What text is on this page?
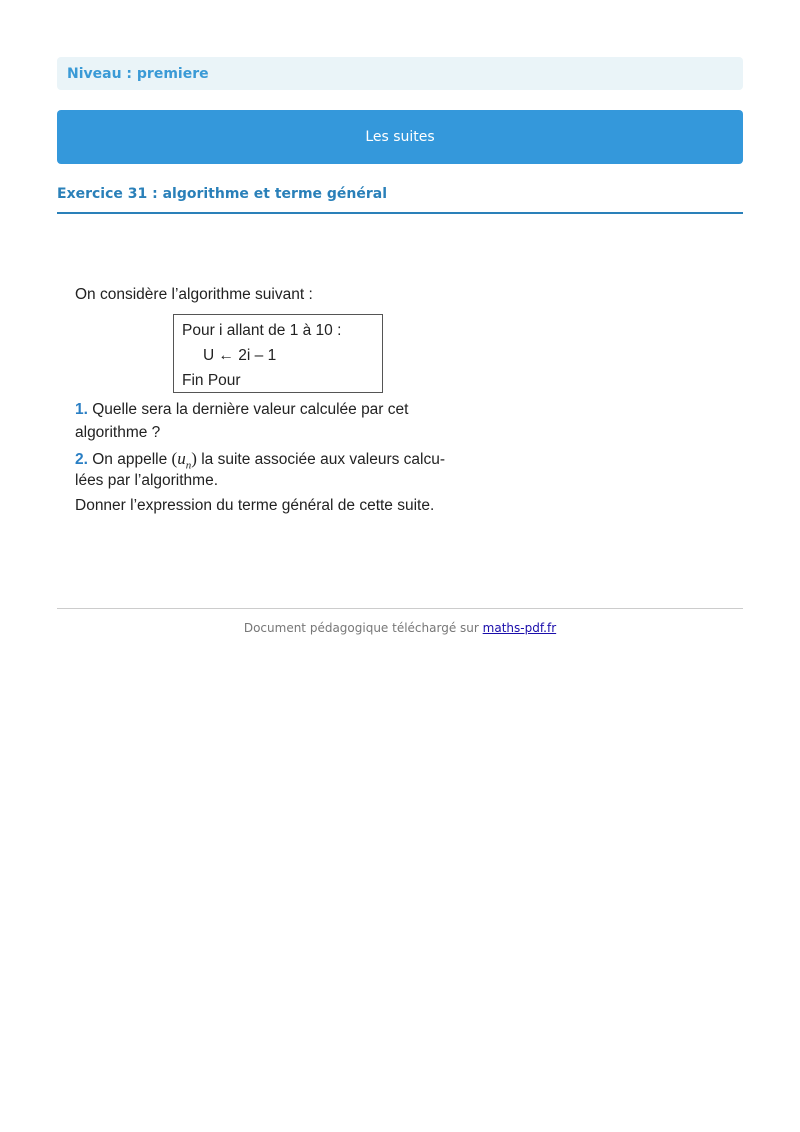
Niveau : premiere
Les suites
Exercice 31 : algorithme et terme général
On considère l’algorithme suivant :
Pour i allant de 1 à 10 :
U ← 2i – 1
Fin Pour
1. Quelle sera la dernière valeur calculée par cet
algorithme ?
2. On appelle $(u_n)$ la suite associée aux valeurs calcu-
lées par l’algorithme.
Donner l’expression du terme général de cette suite.
Document pédagogique téléchargé sur maths-pdf.fr
